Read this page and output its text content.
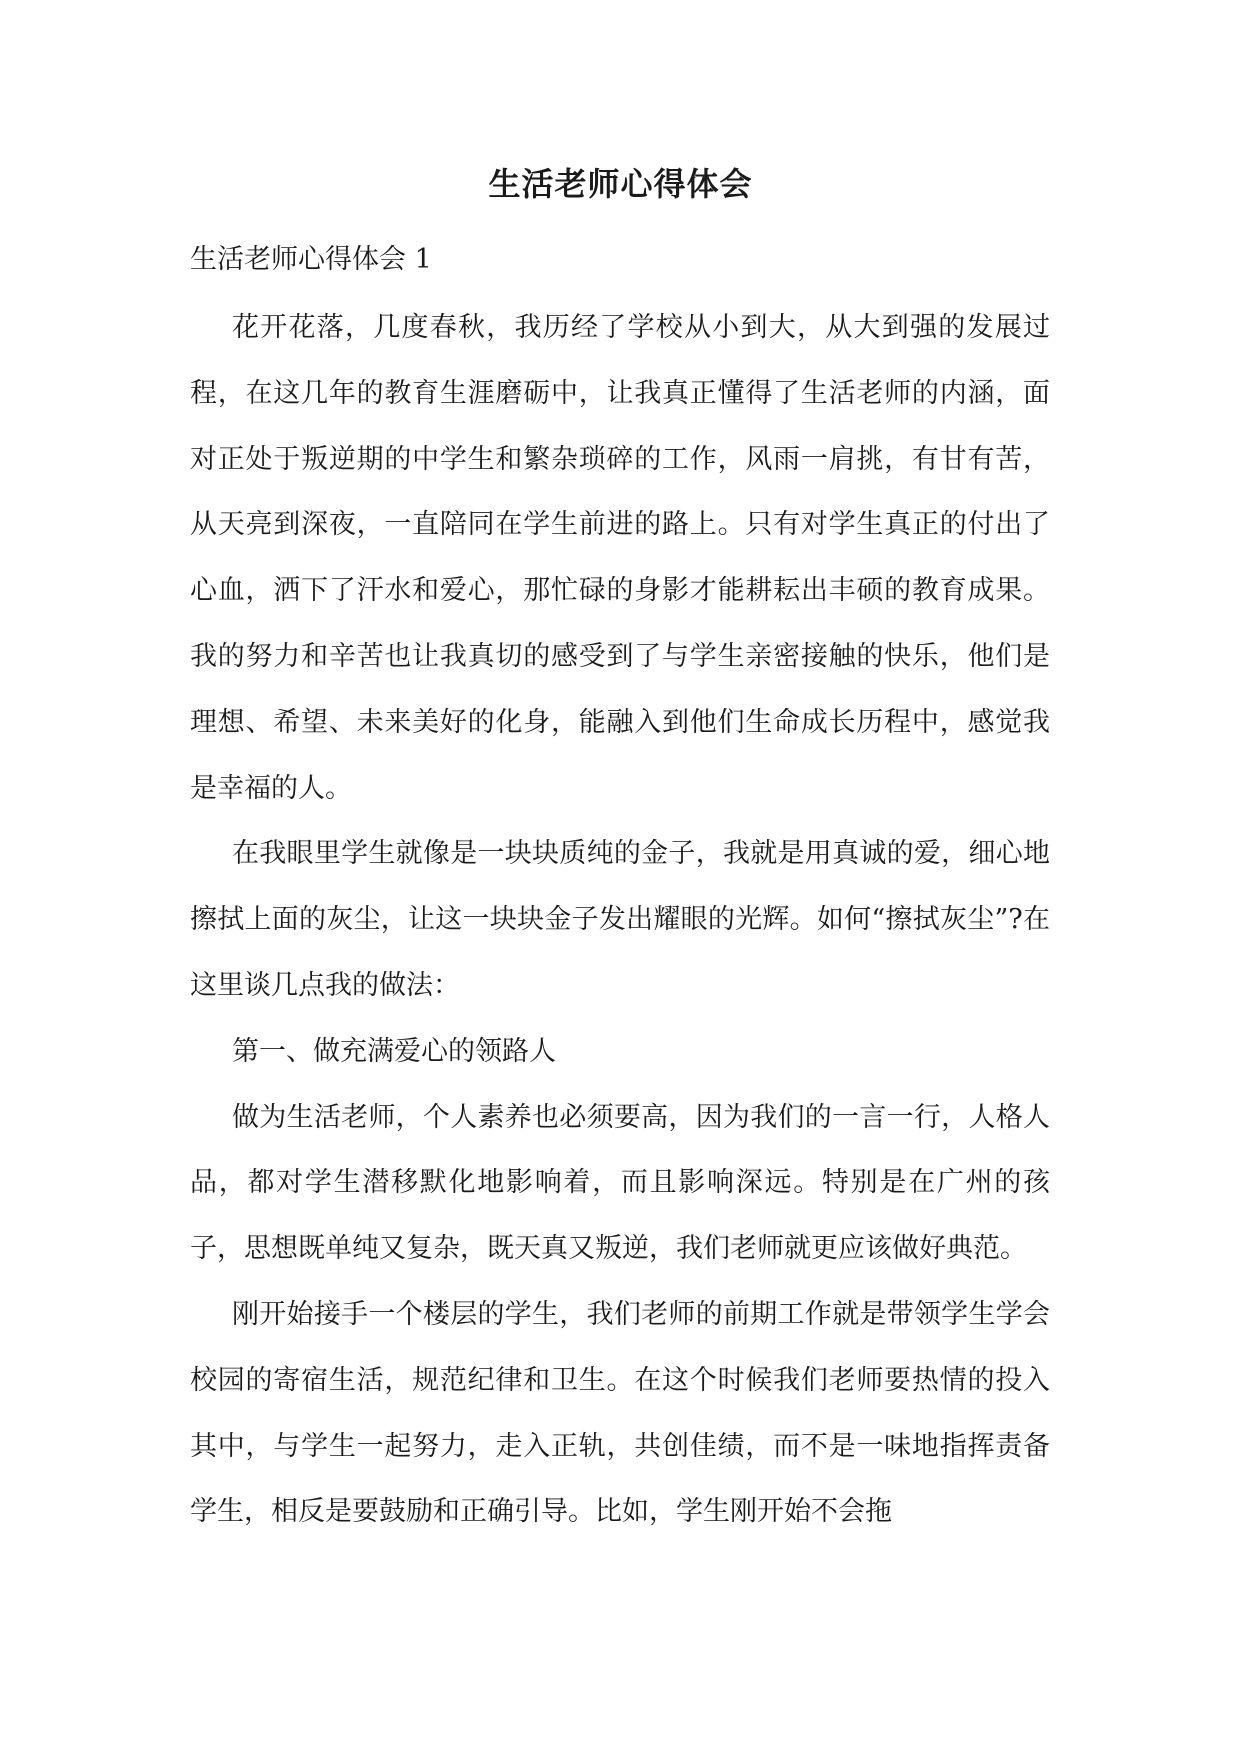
生活老师心得体会

生活老师心得体会 1

花开花落，几度春秋，我历经了学校从小到大，从大到强的发展过程，在这几年的教育生涯磨砺中，让我真正懂得了生活老师的内涵，面对正处于叛逆期的中学生和繁杂琐碎的工作，风雨一肩挑，有甘有苦，从天亮到深夜，一直陪同在学生前进的路上。只有对学生真正的付出了心血，洒下了汗水和爱心，那忙碌的身影才能耕耘出丰硕的教育成果。我的努力和辛苦也让我真切的感受到了与学生亲密接触的快乐，他们是理想、希望、未来美好的化身，能融入到他们生命成长历程中，感觉我是幸福的人。

在我眼里学生就像是一块块质纯的金子，我就是用真诚的爱，细心地擦拭上面的灰尘，让这一块块金子发出耀眼的光辉。如何“擦拭灰尘”?在这里谈几点我的做法：

第一、做充满爱心的领路人

做为生活老师，个人素养也必须要高，因为我们的一言一行，人格人品，都对学生潜移默化地影响着，而且影响深远。特别是在广州的孩子，思想既单纯又复杂，既天真又叛逆，我们老师就更应该做好典范。

刚开始接手一个楼层的学生，我们老师的前期工作就是带领学生学会校园的寄宿生活，规范纪律和卫生。在这个时候我们老师要热情的投入其中，与学生一起努力，走入正轨，共创佳绩，而不是一味地指挥责备学生，相反是要鼓励和正确引导。比如，学生刚开始不会拖
